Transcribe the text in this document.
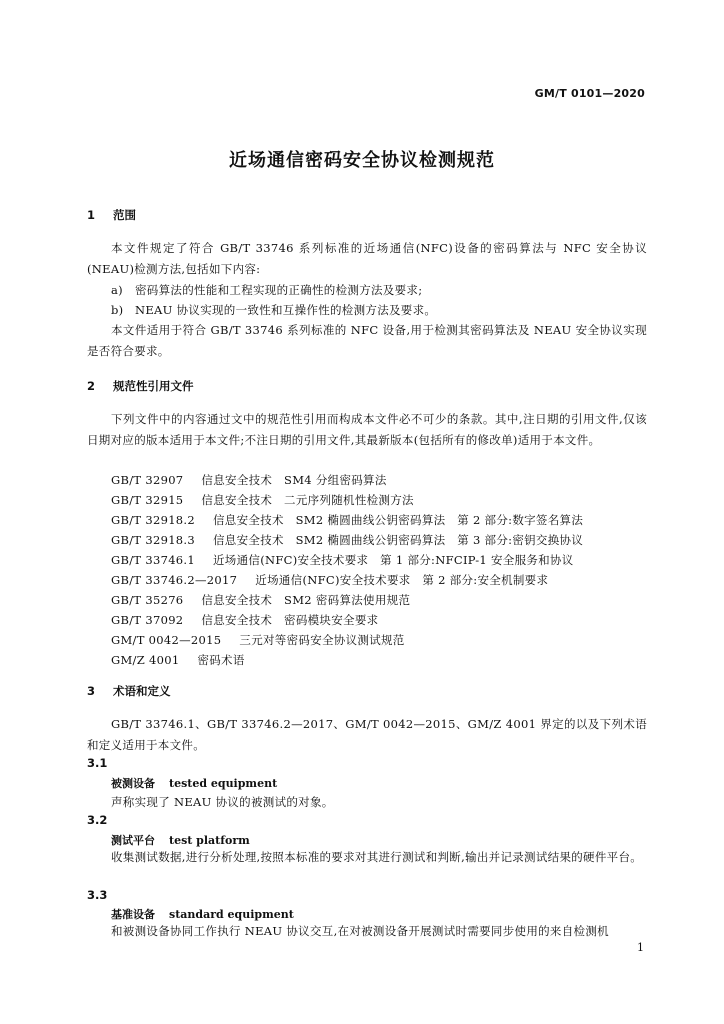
GM/T 0101—2020
近场通信密码安全协议检测规范
1 范围
本文件规定了符合 GB/T 33746 系列标准的近场通信(NFC)设备的密码算法与 NFC 安全协议(NEAU)检测方法,包括如下内容:
a) 密码算法的性能和工程实现的正确性的检测方法及要求;
b) NEAU 协议实现的一致性和互操作性的检测方法及要求。
本文件适用于符合 GB/T 33746 系列标准的 NFC 设备,用于检测其密码算法及 NEAU 安全协议实现是否符合要求。
2 规范性引用文件
下列文件中的内容通过文中的规范性引用而构成本文件必不可少的条款。其中,注日期的引用文件,仅该日期对应的版本适用于本文件;不注日期的引用文件,其最新版本(包括所有的修改单)适用于本文件。
GB/T 32907 信息安全技术　SM4 分组密码算法
GB/T 32915 信息安全技术　二元序列随机性检测方法
GB/T 32918.2 信息安全技术　SM2 椭圆曲线公钥密码算法　第 2 部分:数字签名算法
GB/T 32918.3 信息安全技术　SM2 椭圆曲线公钥密码算法　第 3 部分:密钥交换协议
GB/T 33746.1 近场通信(NFC)安全技术要求　第 1 部分:NFCIP-1 安全服务和协议
GB/T 33746.2—2017 近场通信(NFC)安全技术要求　第 2 部分:安全机制要求
GB/T 35276 信息安全技术　SM2 密码算法使用规范
GB/T 37092 信息安全技术　密码模块安全要求
GM/T 0042—2015 三元对等密码安全协议测试规范
GM/Z 4001 密码术语
3 术语和定义
GB/T 33746.1、GB/T 33746.2—2017、GM/T 0042—2015、GM/Z 4001 界定的以及下列术语和定义适用于本文件。
3.1
被测设备 tested equipment
声称实现了 NEAU 协议的被测试的对象。
3.2
测试平台 test platform
收集测试数据,进行分析处理,按照本标准的要求对其进行测试和判断,输出并记录测试结果的硬件平台。
3.3
基准设备 standard equipment
和被测设备协同工作执行 NEAU 协议交互,在对被测设备开展测试时需要同步使用的来自检测机
1
